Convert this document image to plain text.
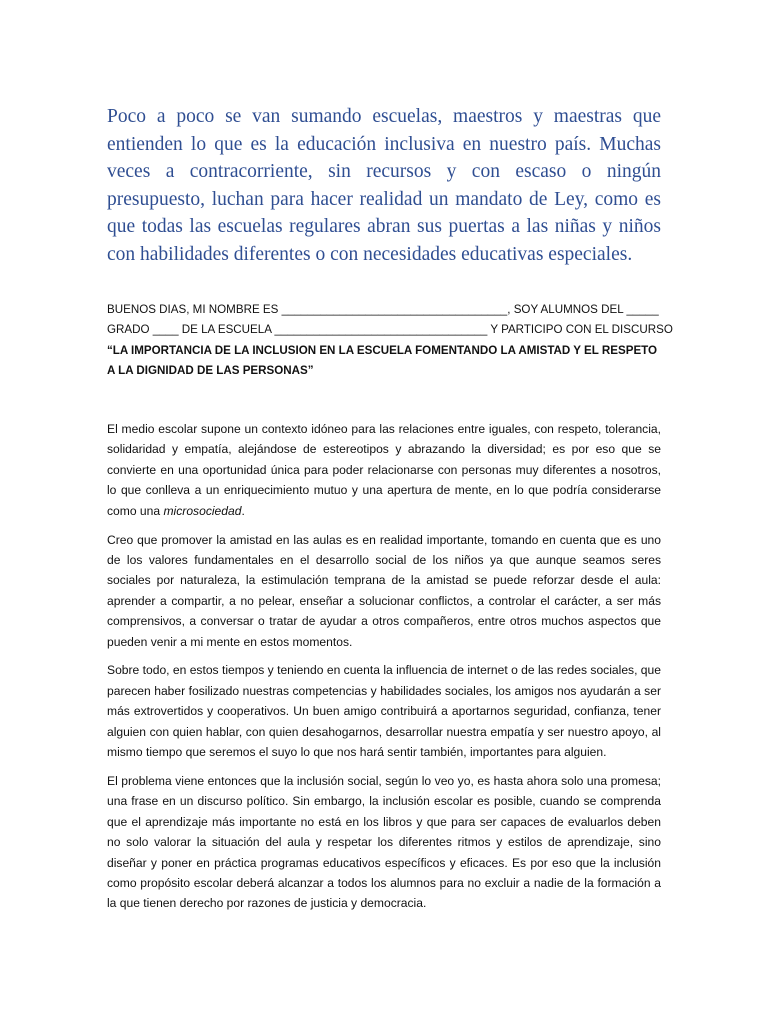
Poco a poco se van sumando escuelas, maestros y maestras que entienden lo que es la educación inclusiva en nuestro país. Muchas veces a contracorriente, sin recursos y con escaso o ningún presupuesto, luchan para hacer realidad un mandato de Ley, como es que todas las escuelas regulares abran sus puertas a las niñas y niños con habilidades diferentes o con necesidades educativas especiales.

BUENOS DIAS, MI NOMBRE ES ___________________________________, SOY ALUMNOS DEL _____
GRADO ____ DE LA ESCUELA _________________________________ Y PARTICIPO CON EL DISCURSO
“LA IMPORTANCIA DE LA INCLUSION EN LA ESCUELA FOMENTANDO LA AMISTAD Y EL RESPETO A LA DIGNIDAD DE LAS PERSONAS”

El medio escolar supone un contexto idóneo para las relaciones entre iguales, con respeto, tolerancia, solidaridad y empatía, alejándose de estereotipos y abrazando la diversidad; es por eso que se convierte en una oportunidad única para poder relacionarse con personas muy diferentes a nosotros, lo que conlleva a un enriquecimiento mutuo y una apertura de mente, en lo que podría considerarse como una microsociedad.

Creo que promover la amistad en las aulas es en realidad importante, tomando en cuenta que es uno de los valores fundamentales en el desarrollo social de los niños ya que aunque seamos seres sociales por naturaleza, la estimulación temprana de la amistad se puede reforzar desde el aula: aprender a compartir, a no pelear, enseñar a solucionar conflictos, a controlar el carácter, a ser más comprensivos, a conversar o tratar de ayudar a otros compañeros, entre otros muchos aspectos que pueden venir a mi mente en estos momentos.

Sobre todo, en estos tiempos y teniendo en cuenta la influencia de internet o de las redes sociales, que parecen haber fosilizado nuestras competencias y habilidades sociales, los amigos nos ayudarán a ser más extrovertidos y cooperativos. Un buen amigo contribuirá a aportarnos seguridad, confianza, tener alguien con quien hablar, con quien desahogarnos, desarrollar nuestra empatía y ser nuestro apoyo, al mismo tiempo que seremos el suyo lo que nos hará sentir también, importantes para alguien.

El problema viene entonces que la inclusión social, según lo veo yo, es hasta ahora solo una promesa; una frase en un discurso político. Sin embargo, la inclusión escolar es posible, cuando se comprenda que el aprendizaje más importante no está en los libros y que para ser capaces de evaluarlos deben no solo valorar la situación del aula y respetar los diferentes ritmos y estilos de aprendizaje, sino diseñar y poner en práctica programas educativos específicos y eficaces. Es por eso que la inclusión como propósito escolar deberá alcanzar a todos los alumnos para no excluir a nadie de la formación a la que tienen derecho por razones de justicia y democracia.
